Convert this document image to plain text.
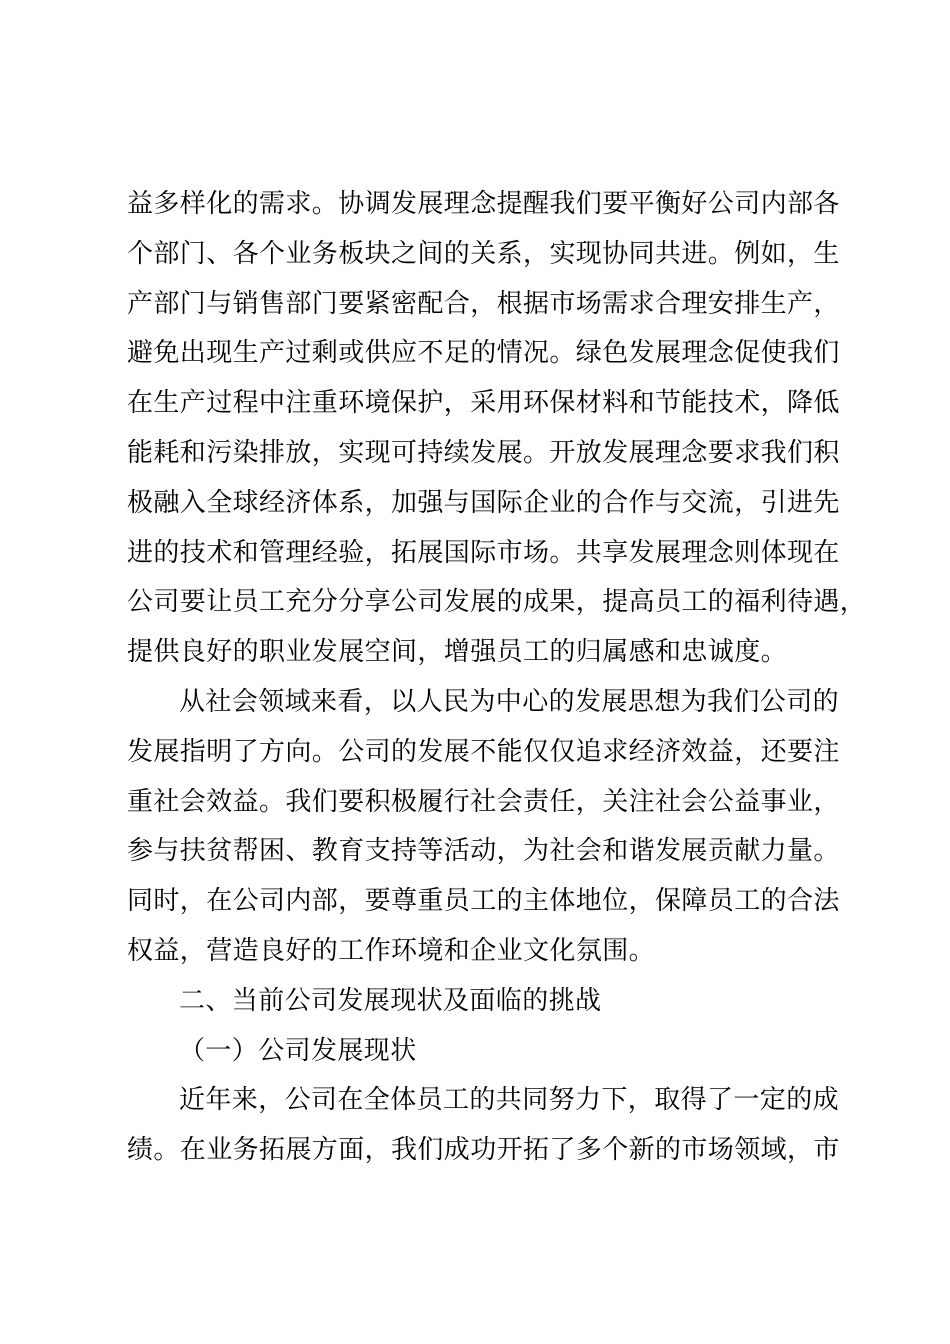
益多样化的需求。协调发展理念提醒我们要平衡好公司内部各
个部门、各个业务板块之间的关系，实现协同共进。例如，生
产部门与销售部门要紧密配合，根据市场需求合理安排生产，
避免出现生产过剩或供应不足的情况。绿色发展理念促使我们
在生产过程中注重环境保护，采用环保材料和节能技术，降低
能耗和污染排放，实现可持续发展。开放发展理念要求我们积
极融入全球经济体系，加强与国际企业的合作与交流，引进先
进的技术和管理经验，拓展国际市场。共享发展理念则体现在
公司要让员工充分分享公司发展的成果，提高员工的福利待遇，
提供良好的职业发展空间，增强员工的归属感和忠诚度。
从社会领域来看，以人民为中心的发展思想为我们公司的
发展指明了方向。公司的发展不能仅仅追求经济效益，还要注
重社会效益。我们要积极履行社会责任，关注社会公益事业，
参与扶贫帮困、教育支持等活动，为社会和谐发展贡献力量。
同时，在公司内部，要尊重员工的主体地位，保障员工的合法
权益，营造良好的工作环境和企业文化氛围。
二、当前公司发展现状及面临的挑战
（一）公司发展现状
近年来，公司在全体员工的共同努力下，取得了一定的成
绩。在业务拓展方面，我们成功开拓了多个新的市场领域，市
